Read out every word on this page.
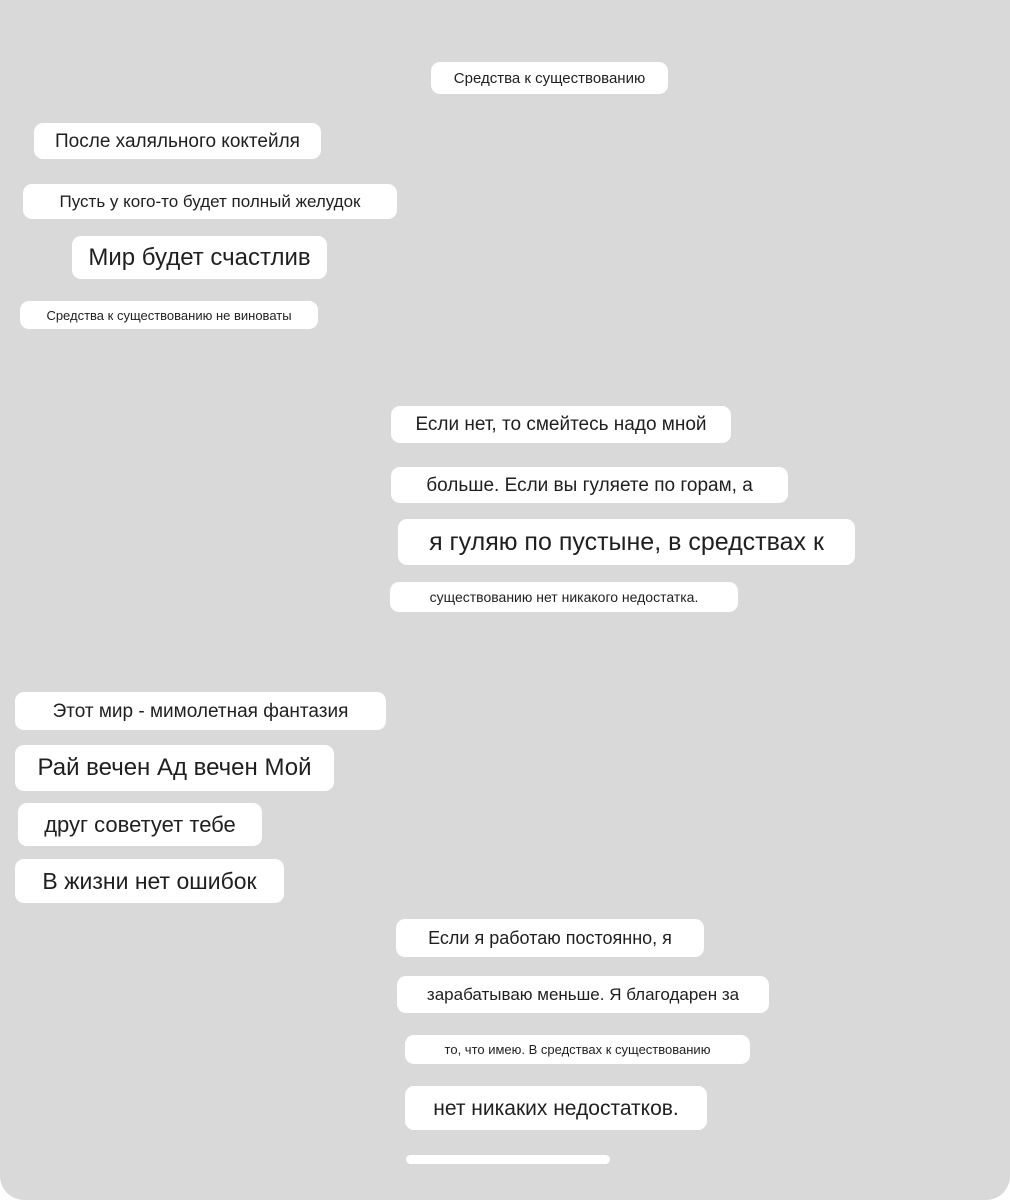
Средства к существованию
После халяльного коктейля
Пусть у кого-то будет полный желудок
Мир будет счастлив
Средства к существованию не виноваты
Если нет, то смейтесь надо мной
больше. Если вы гуляете по горам, а
я гуляю по пустыне, в средствах к
существованию нет никакого недостатка.
Этот мир - мимолетная фантазия
Рай вечен Ад вечен Мой
друг советует тебе
В жизни нет ошибок
Если я работаю постоянно, я
зарабатываю меньше. Я благодарен за
то, что имею. В средствах к существованию
нет никаких недостатков.
